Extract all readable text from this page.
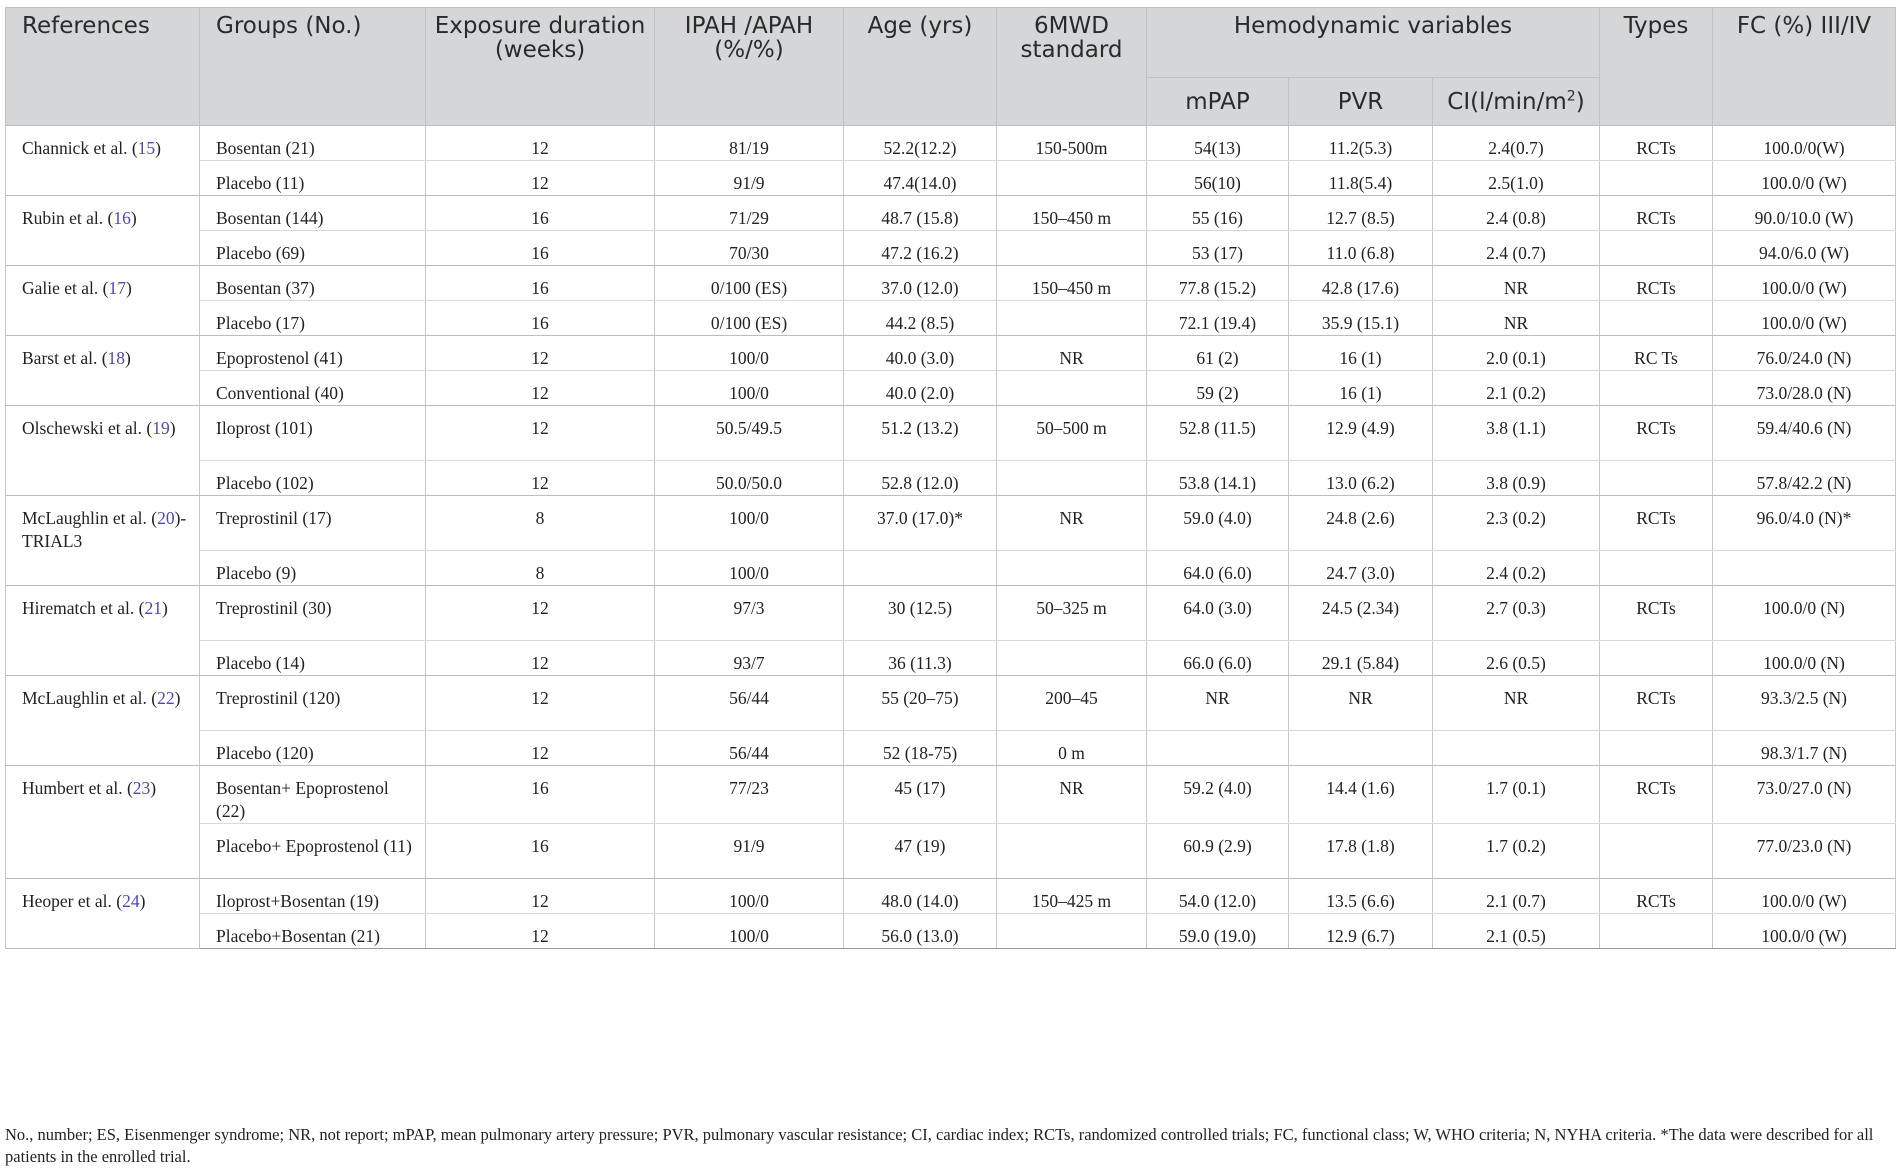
References	Groups (No.)	Exposure duration (weeks)	IPAH /APAH (%/%)	Age (yrs)	6MWD standard	Hemodynamic variables			Types	FC (%) III/IV
						mPAP	PVR	$CI(l/\min/m^2)$		
Channick et al. (15)	Bosentan (21)	12	81/19	52.2(12.2)	150-500m	54(13)	11.2(5.3)	2.4(0.7)	RCTs	100.0/0(W)
	Placebo (11)	12	91/9	47.4(14.0)		56(10)	11.8(5.4)	2.5(1.0)		100.0/0 (W)
Rubin et al. (16)	Bosentan (144)	16	71/29	48.7 (15.8)	150–450 m	55 (16)	12.7 (8.5)	2.4 (0.8)	RCTs	90.0/10.0 (W)
	Placebo (69)	16	70/30	47.2 (16.2)		53 (17)	11.0 (6.8)	2.4 (0.7)		94.0/6.0 (W)
Galie et al. (17)	Bosentan (37)	16	0/100 (ES)	37.0 (12.0)	150–450 m	77.8 (15.2)	42.8 (17.6)	NR	RCTs	100.0/0 (W)
	Placebo (17)	16	0/100 (ES)	44.2 (8.5)		72.1 (19.4)	35.9 (15.1)	NR		100.0/0 (W)
Barst et al. (18)	Epoprostenol (41)	12	100/0	40.0 (3.0)	NR	61 (2)	16 (1)	2.0 (0.1)	RC Ts	76.0/24.0 (N)
	Conventional (40)	12	100/0	40.0 (2.0)		59 (2)	16 (1)	2.1 (0.2)		73.0/28.0 (N)
Olschewski et al. (19)	Iloprost (101)	12	50.5/49.5	51.2 (13.2)	50–500 m	52.8 (11.5)	12.9 (4.9)	3.8 (1.1)	RCTs	59.4/40.6 (N)
	Placebo (102)	12	50.0/50.0	52.8 (12.0)		53.8 (14.1)	13.0 (6.2)	3.8 (0.9)		57.8/42.2 (N)
McLaughlin et al. (20)-TRIAL3	Treprostinil (17)	8	100/0	37.0 (17.0)*	NR	59.0 (4.0)	24.8 (2.6)	2.3 (0.2)	RCTs	96.0/4.0 (N)*
	Placebo (9)	8	100/0			64.0 (6.0)	24.7 (3.0)	2.4 (0.2)		
Hirematch et al. (21)	Treprostinil (30)	12	97/3	30 (12.5)	50–325 m	64.0 (3.0)	24.5 (2.34)	2.7 (0.3)	RCTs	100.0/0 (N)
	Placebo (14)	12	93/7	36 (11.3)		66.0 (6.0)	29.1 (5.84)	2.6 (0.5)		100.0/0 (N)
McLaughlin et al. (22)	Treprostinil (120)	12	56/44	55 (20–75)	200–45	NR	NR	NR	RCTs	93.3/2.5 (N)
	Placebo (120)	12	56/44	52 (18-75)	0 m					98.3/1.7 (N)
Humbert et al. (23)	Bosentan+ Epoprostenol (22)	16	77/23	45 (17)	NR	59.2 (4.0)	14.4 (1.6)	1.7 (0.1)	RCTs	73.0/27.0 (N)
	Placebo+ Epoprostenol (11)	16	91/9	47 (19)		60.9 (2.9)	17.8 (1.8)	1.7 (0.2)		77.0/23.0 (N)
Heoper et al. (24)	Iloprost+Bosentan (19)	12	100/0	48.0 (14.0)	150–425 m	54.0 (12.0)	13.5 (6.6)	2.1 (0.7)	RCTs	100.0/0 (W)
	Placebo+Bosentan (21)	12	100/0	56.0 (13.0)		59.0 (19.0)	12.9 (6.7)	2.1 (0.5)		100.0/0 (W)
No., number; ES, Eisenmenger syndrome; NR, not report; mPAP, mean pulmonary artery pressure; PVR, pulmonary vascular resistance; CI, cardiac index; RCTs, randomized controlled trials; FC, functional class; W, WHO criteria; N, NYHA criteria. *The data were described for all patients in the enrolled trial.
